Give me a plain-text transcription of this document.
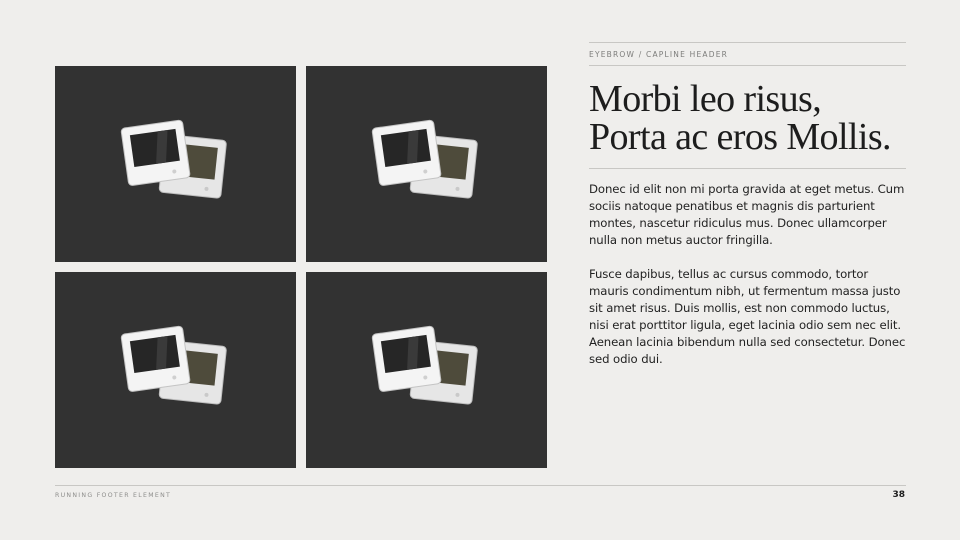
EYEBROW / CAPLINE HEADER
Morbi leo risus,
Porta ac eros Mollis.

Donec id elit non mi porta gravida at eget metus. Cum sociis natoque penatibus et magnis dis parturient montes, nascetur ridiculus mus. Donec ullamcorper nulla non metus auctor fringilla.

Fusce dapibus, tellus ac cursus commodo, tortor mauris condimentum nibh, ut fermentum massa justo sit amet risus. Duis mollis, est non commodo luctus, nisi erat porttitor ligula, eget lacinia odio sem nec elit. Aenean lacinia bibendum nulla sed consectetur. Donec sed odio dui.

RUNNING FOOTER ELEMENT	38
